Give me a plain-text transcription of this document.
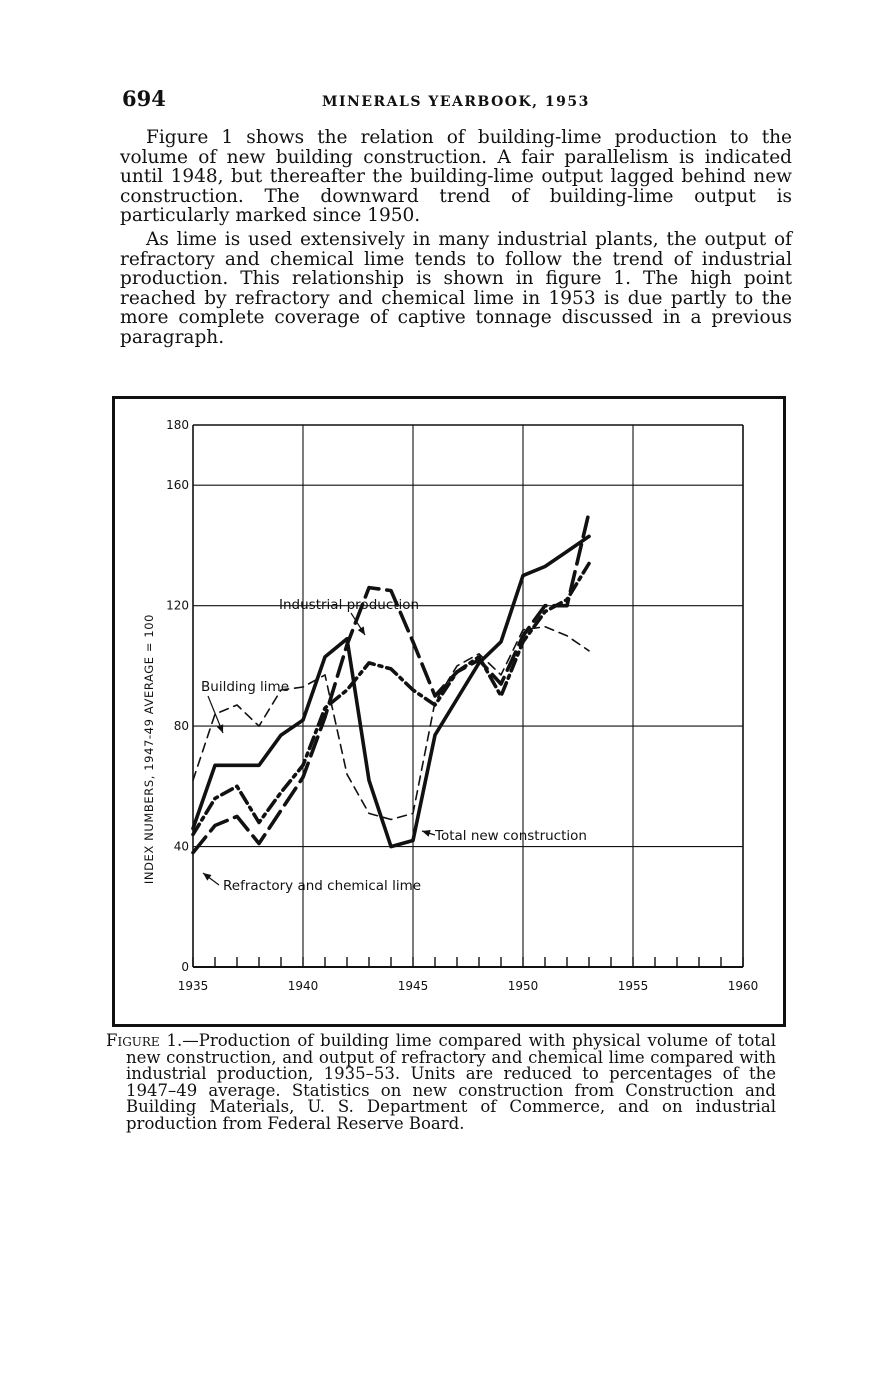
694	MINERALS YEARBOOK, 1953

Figure 1 shows the relation of building-lime production to the volume of new building construction. A fair parallelism is indicated until 1948, but thereafter the building-lime output lagged behind new construction. The downward trend of building-lime output is particularly marked since 1950.

As lime is used extensively in many industrial plants, the output of refractory and chemical lime tends to follow the trend of industrial production. This relationship is shown in figure 1. The high point reached by refractory and chemical lime in 1953 is due partly to the more complete coverage of captive tonnage discussed in a previous paragraph.

1935	1940	1945	1950	1955	1960
0
40
80
120
160
180
Industrial production
Building lime
Total new construction
Refractory and chemical lime
INDEX NUMBERS, 1947-49 AVERAGE = 100

Figure 1.—Production of building lime compared with physical volume of total new construction, and output of refractory and chemical lime compared with industrial production, 1935–53. Units are reduced to percentages of the 1947–49 average. Statistics on new construction from Construction and Building Materials, U. S. Department of Commerce, and on industrial production from Federal Reserve Board.
